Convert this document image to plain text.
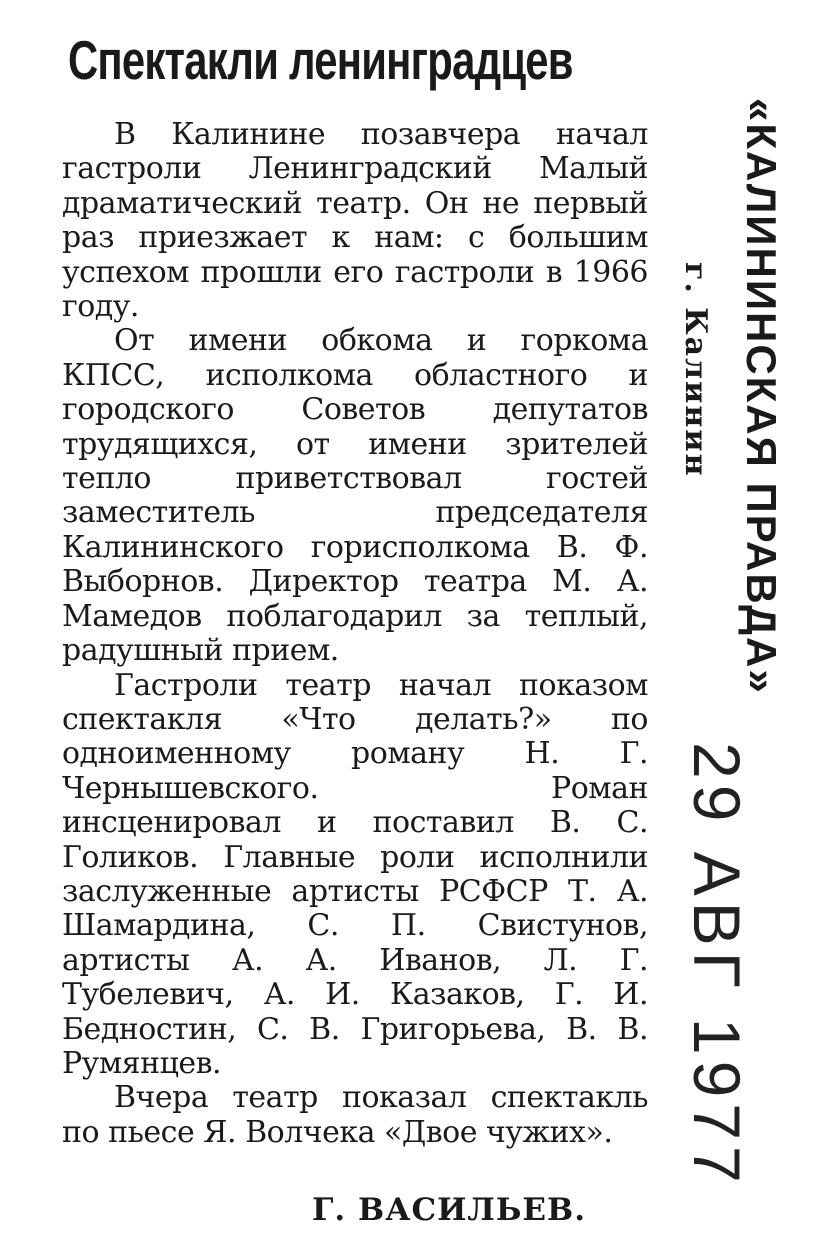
Спектакли ленинградцев

В Калинине позавчера начал гастроли Ленинградский Малый драматический театр. Он не первый раз приезжает к нам: с большим успехом прошли его гастроли в 1966 году.

От имени обкома и горкома КПСС, исполкома областного и городского Советов депутатов трудящихся, от имени зрителей тепло приветствовал гостей заместитель председателя Калининского горисполкома В. Ф. Выборнов. Директор театра М. А. Мамедов поблагодарил за теплый, радушный прием.

Гастроли театр начал показом спектакля «Что делать?» по одноименному роману Н. Г. Чернышевского. Роман инсценировал и поставил В. С. Голиков. Главные роли исполнили заслуженные артисты РСФСР Т. А. Шамардина, С. П. Свистунов, артисты А. А. Иванов, Л. Г. Тубелевич, А. И. Казаков, Г. И. Бедностин, С. В. Григорьева, В. В. Румянцев.

Вчера театр показал спектакль по пьесе Я. Волчека «Двое чужих».

Г. ВАСИЛЬЕВ.
«КАЛИНИНСКАЯ ПРАВДА»
г. Калинин
29 АВГ 1977
